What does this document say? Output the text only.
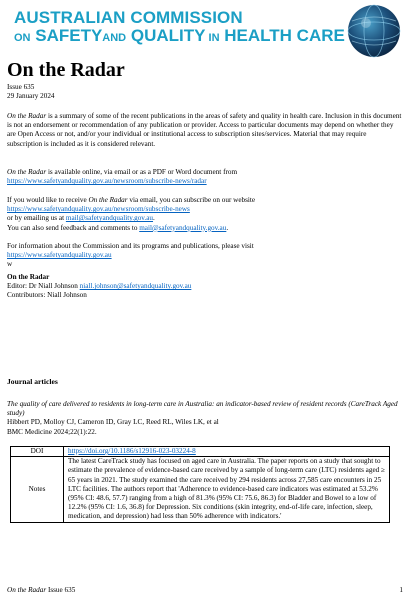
AUSTRALIAN COMMISSION
ON SAFETYAND QUALITY IN HEALTH CARE
On the Radar

Issue 635

29 January 2024

On the Radar is a summary of some of the recent publications in the areas of safety and quality in health care. Inclusion in this document is not an endorsement or recommendation of any publication or provider. Access to particular documents may depend on whether they are Open Access or not, and/or your individual or institutional access to subscription sites/services. Material that may require subscription is included as it is considered relevant.

On the Radar is available online, via email or as a PDF or Word document from

https://www.safetyandquality.gov.au/newsroom/subscribe-news/radar

If you would like to receive On the Radar via email, you can subscribe on our website

https://www.safetyandquality.gov.au/newsroom/subscribe-news

or by emailing us at mail@safetyandquality.gov.au.

You can also send feedback and comments to mail@safetyandquality.gov.au.

For information about the Commission and its programs and publications, please visit

https://www.safetyandquality.gov.au

w

On the Radar

Editor: Dr Niall Johnson niall.johnson@safetyandquality.gov.au

Contributors: Niall Johnson

Journal articles

The quality of care delivered to residents in long-term care in Australia: an indicator-based review of resident records (CareTrack Aged study)

Hibbert PD, Molloy CJ, Cameron ID, Gray LC, Reed RL, Wiles LK, et al

BMC Medicine 2024;22(1):22.

DOI	https://doi.org/10.1186/s12916-023-03224-8
Notes	The latest CareTrack study has focused on aged care in Australia. The paper reports on a study that sought to estimate the prevalence of evidence-based care received by a sample of long-term care (LTC) residents aged ≥ 65 years in 2021. The study examined the care received by 294 residents across 27,585 care encounters in 25 LTC facilities. The authors report that 'Adherence to evidence-based care indicators was estimated at 53.2% (95% CI: 48.6, 57.7) ranging from a high of 81.3% (95% CI: 75.6, 86.3) for Bladder and Bowel to a low of 12.2% (95% CI: 1.6, 36.8) for Depression. Six conditions (skin integrity, end-of-life care, infection, sleep, medication, and depression) had less than 50% adherence with indicators.'
On the Radar Issue 635	1
